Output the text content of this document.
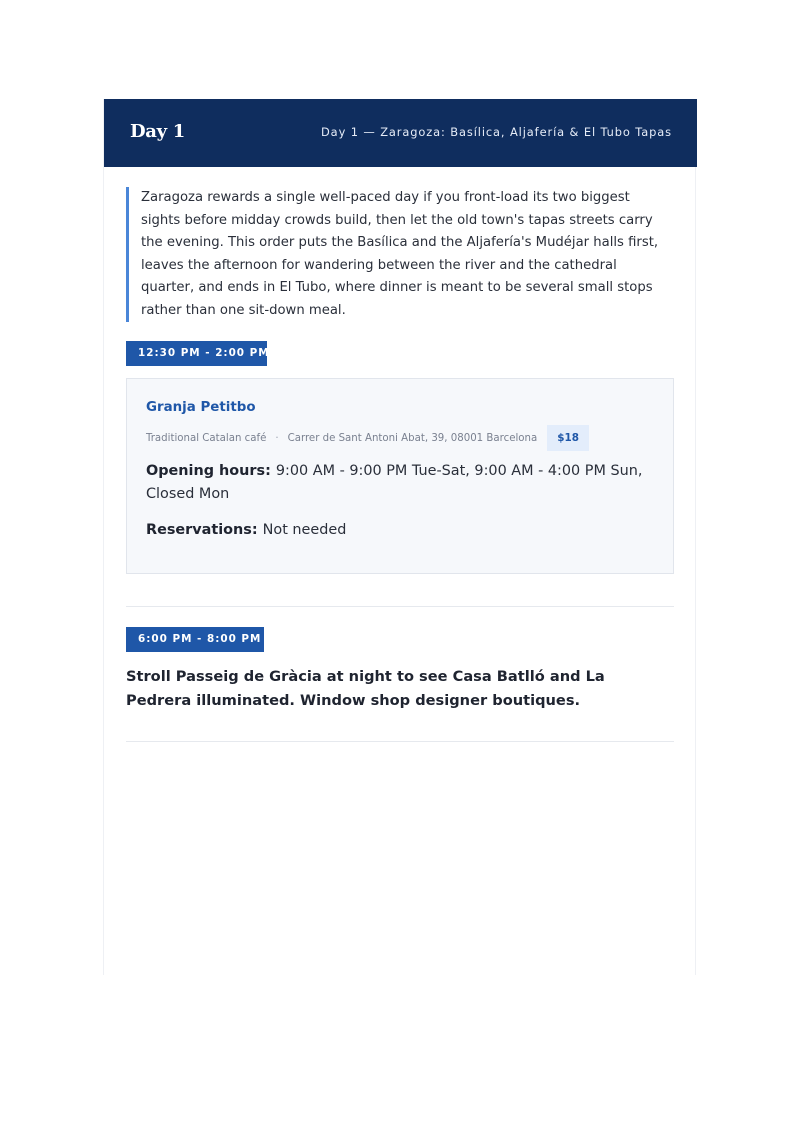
Day 1	Day 1 — Zaragoza: Basílica, Aljafería & El Tubo Tapas
Zaragoza rewards a single well-paced day if you front-load its two biggest sights before midday crowds build, then let the old town's tapas streets carry the evening. This order puts the Basílica and the Aljafería's Mudéjar halls first, leaves the afternoon for wandering between the river and the cathedral quarter, and ends in El Tubo, where dinner is meant to be several small stops rather than one sit-down meal.
12:30 PM - 2:00 PM
Granja Petitbo
Traditional Catalan café · Carrer de Sant Antoni Abat, 39, 08001 Barcelona	$18
Opening hours: 9:00 AM - 9:00 PM Tue-Sat, 9:00 AM - 4:00 PM Sun, Closed Mon
Reservations: Not needed
6:00 PM - 8:00 PM
Stroll Passeig de Gràcia at night to see Casa Batlló and La Pedrera illuminated. Window shop designer boutiques.
